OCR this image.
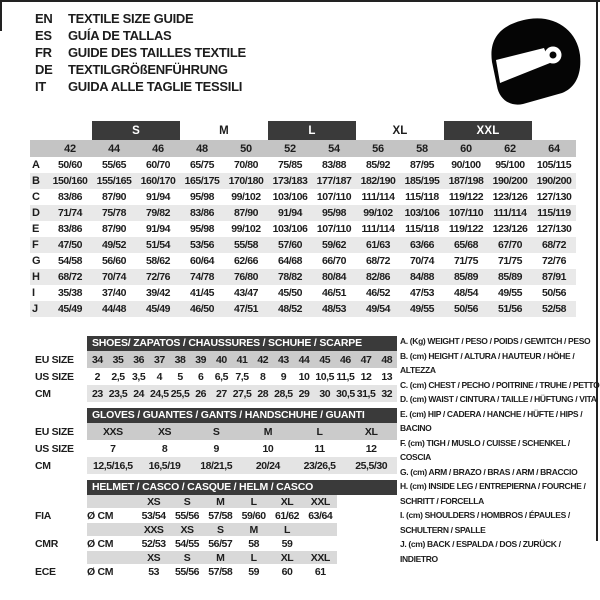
EN	TEXTILE SIZE GUIDE
ES	GUÍA DE TALLAS
FR	GUIDE DES TAILLES TEXTILE
DE	TEXTILGRÖßENFÜHRUNG
IT	GUIDA ALLE TAGLIE TESSILI
		S		M		L		XL		XXL		
	42	44	46	48	50	52	54	56	58	60	62	64
A	50/60	55/65	60/70	65/75	70/80	75/85	83/88	85/92	87/95	90/100	95/100	105/115
B	150/160	155/165	160/170	165/175	170/180	173/183	177/187	182/190	185/195	187/198	190/200	190/200
C	83/86	87/90	91/94	95/98	99/102	103/106	107/110	111/114	115/118	119/122	123/126	127/130
D	71/74	75/78	79/82	83/86	87/90	91/94	95/98	99/102	103/106	107/110	111/114	115/119
E	83/86	87/90	91/94	95/98	99/102	103/106	107/110	111/114	115/118	119/122	123/126	127/130
F	47/50	49/52	51/54	53/56	55/58	57/60	59/62	61/63	63/66	65/68	67/70	68/72
G	54/58	56/60	58/62	60/64	62/66	64/68	66/70	68/72	70/74	71/75	71/75	72/76
H	68/72	70/74	72/76	74/78	76/80	78/82	80/84	82/86	84/88	85/89	85/89	87/91
I	35/38	37/40	39/42	41/45	43/47	45/50	46/51	46/52	47/53	48/54	49/55	50/56
J	45/49	44/48	45/49	46/50	47/51	48/52	48/53	49/54	49/55	50/56	51/56	52/58
SHOES/ ZAPATOS / CHAUSSURES / SCHUHE / SCARPE
EU SIZE	34 35 36 37 38 39 40 41 42 43 44 45 46 47 48
US SIZE	2	2,5 3,5	4	5	6	6,5 7,5	8	9	10 10,5 11,5 12 13
CM	23 23,5 24 24,5 25,5 26 27 27,5 28 28,5 29 30 30,5 31,5 32
GLOVES / GUANTES / GANTS / HANDSCHUHE / GUANTI
EU SIZE	XXS	XS	S	M	L	XL
US SIZE	7	8	9	10	11	12
CM	12,5/16,5	16,5/19	18/21,5	20/24	23/26,5	25,5/30
HELMET / CASCO / CASQUE / HELM / CASCO
XS	S	M	L	XL	XXL
FIA	Ø CM	53/54 55/56 57/58 59/60 61/62 63/64
XXS	XS	S	M	L
CMR	Ø CM	52/53 54/55 56/57	58	59
XS	S	M	L	XL	XXL
ECE	Ø CM	53	55/56 57/58	59	60	61
A. (Kg) WEIGHT / PESO / POIDS / GEWITCH / PESO
B. (cm) HEIGHT / ALTURA / HAUTEUR / HÖHE / ALTEZZA
C. (cm) CHEST / PECHO / POITRINE / TRUHE / PETTO
D. (cm) WAIST / CINTURA / TAILLE / HÜFTUNG / VITA
E. (cm) HIP / CADERA / HANCHE / HÜFTE / HIPS / BACINO
F. (cm) TIGH / MUSLO / CUISSE / SCHENKEL / COSCIA
G. (cm) ARM / BRAZO / BRAS / ARM / BRACCIO
H. (cm) INSIDE LEG / ENTREPIERNA / FOURCHE / SCHRITT / FORCELLA
I. (cm) SHOULDERS / HOMBROS / ÉPAULES / SCHULTERN / SPALLE
J. (cm) BACK / ESPALDA / DOS / ZURÜCK / INDIETRO
